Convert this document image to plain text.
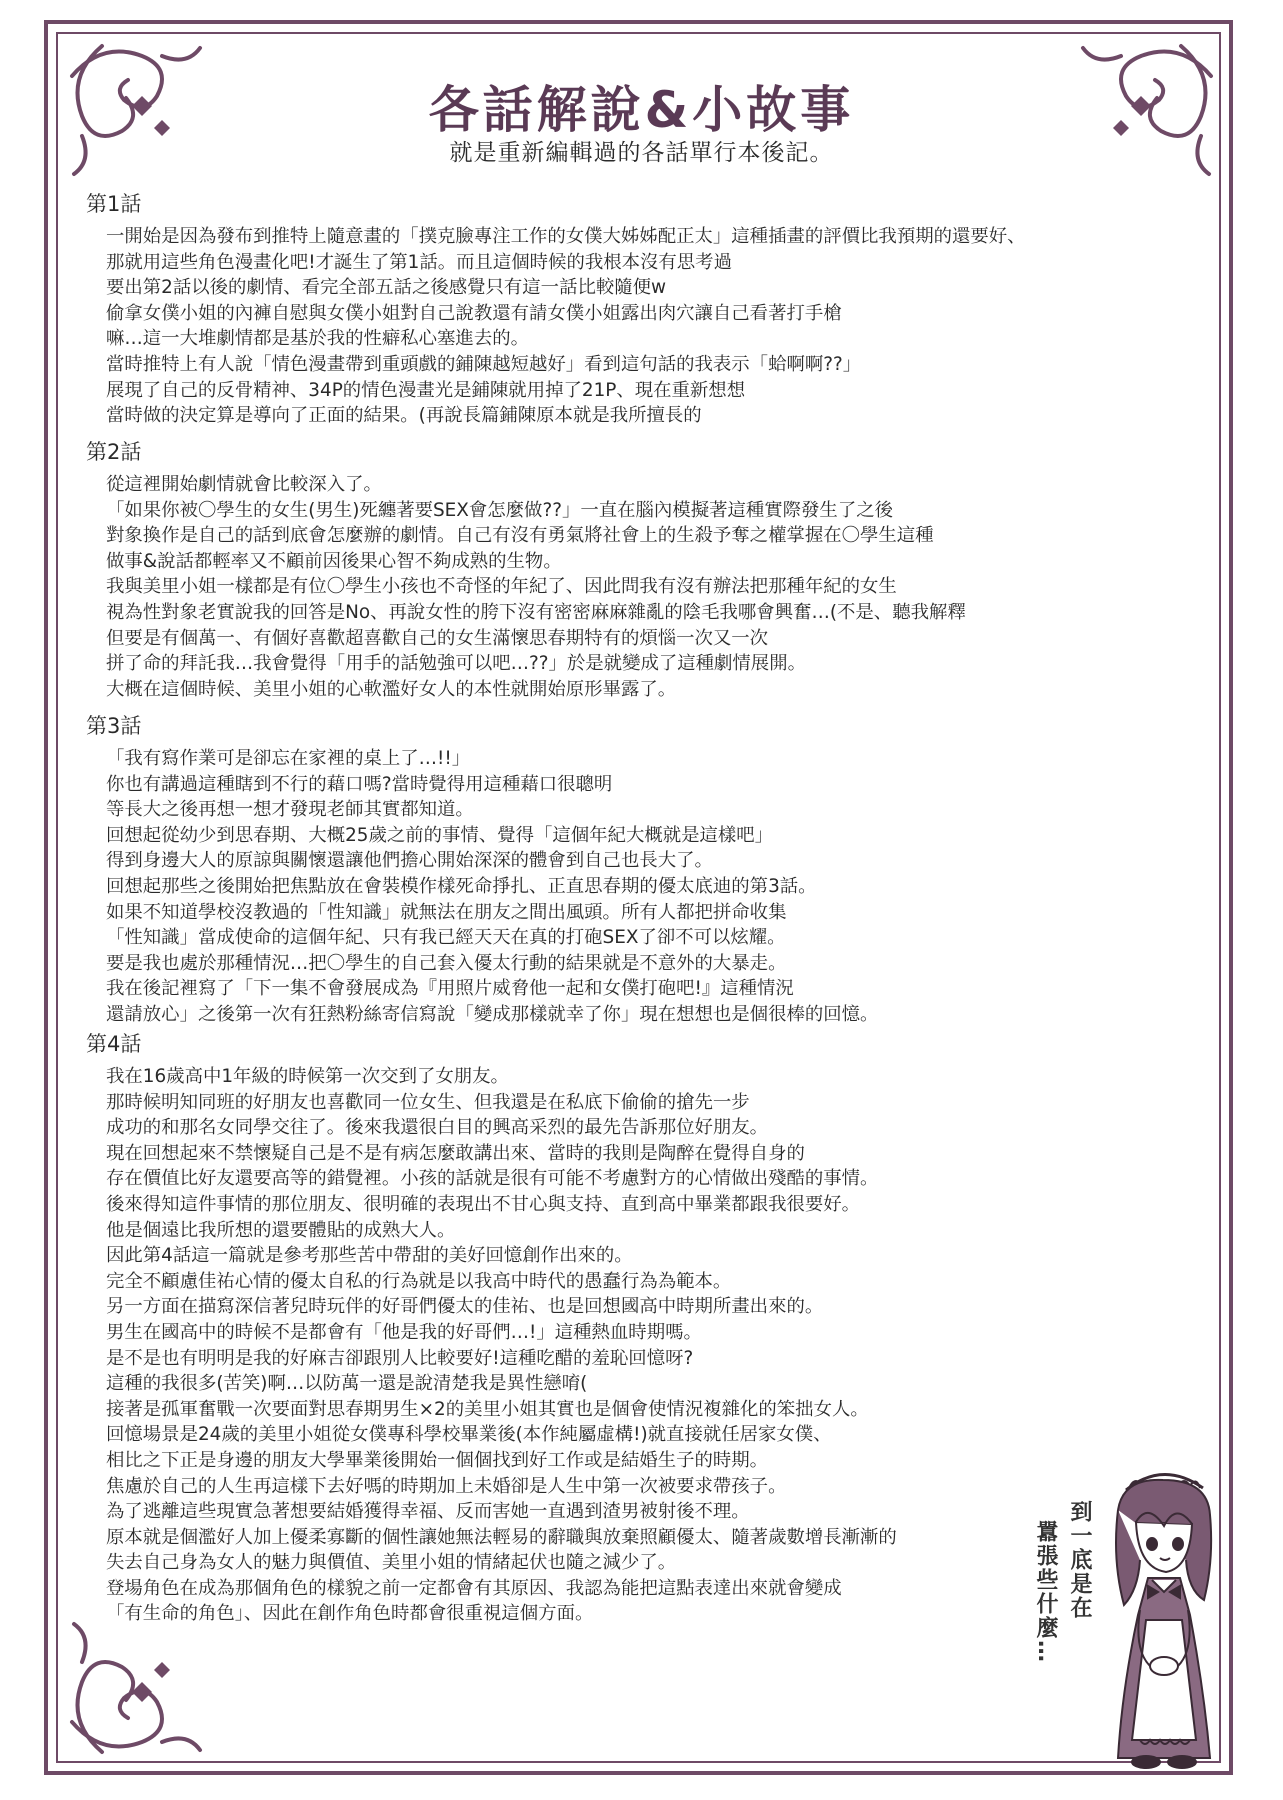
各話解說&小故事
就是重新編輯過的各話單行本後記。
第1話

一開始是因為發布到推特上隨意畫的「撲克臉專注工作的女僕大姊姊配正太」這種插畫的評價比我預期的還要好、

那就用這些角色漫畫化吧!才誕生了第1話。而且這個時候的我根本沒有思考過

要出第2話以後的劇情、看完全部五話之後感覺只有這一話比較隨便w

偷拿女僕小姐的內褲自慰與女僕小姐對自己說教還有請女僕小姐露出肉穴讓自己看著打手槍

嘛…這一大堆劇情都是基於我的性癖私心塞進去的。

當時推特上有人說「情色漫畫帶到重頭戲的鋪陳越短越好」看到這句話的我表示「蛤啊啊??」

展現了自己的反骨精神、34P的情色漫畫光是鋪陳就用掉了21P、現在重新想想

當時做的決定算是導向了正面的結果。(再說長篇鋪陳原本就是我所擅長的

第2話

從這裡開始劇情就會比較深入了。

「如果你被〇學生的女生(男生)死纏著要SEX會怎麼做??」一直在腦內模擬著這種實際發生了之後

對象換作是自己的話到底會怎麼辦的劇情。自己有沒有勇氣將社會上的生殺予奪之權掌握在〇學生這種

做事&說話都輕率又不顧前因後果心智不夠成熟的生物。

我與美里小姐一樣都是有位〇學生小孩也不奇怪的年紀了、因此問我有沒有辦法把那種年紀的女生

視為性對象老實說我的回答是No、再說女性的胯下沒有密密麻麻雜亂的陰毛我哪會興奮…(不是、聽我解釋

但要是有個萬一、有個好喜歡超喜歡自己的女生滿懷思春期特有的煩惱一次又一次

拼了命的拜託我…我會覺得「用手的話勉強可以吧…??」於是就變成了這種劇情展開。

大概在這個時候、美里小姐的心軟濫好女人的本性就開始原形畢露了。

第3話

「我有寫作業可是卻忘在家裡的桌上了…!!」

你也有講過這種瞎到不行的藉口嗎?當時覺得用這種藉口很聰明

等長大之後再想一想才發現老師其實都知道。

回想起從幼少到思春期、大概25歲之前的事情、覺得「這個年紀大概就是這樣吧」

得到身邊大人的原諒與關懷還讓他們擔心開始深深的體會到自己也長大了。

回想起那些之後開始把焦點放在會裝模作樣死命掙扎、正直思春期的優太底迪的第3話。

如果不知道學校沒教過的「性知識」就無法在朋友之間出風頭。所有人都把拼命收集

「性知識」當成使命的這個年紀、只有我已經天天在真的打砲SEX了卻不可以炫耀。

要是我也處於那種情況…把〇學生的自己套入優太行動的結果就是不意外的大暴走。

我在後記裡寫了「下一集不會發展成為『用照片威脅他一起和女僕打砲吧!』這種情況

還請放心」之後第一次有狂熱粉絲寄信寫說「變成那樣就幸了你」現在想想也是個很棒的回憶。

第4話

我在16歲高中1年級的時候第一次交到了女朋友。

那時候明知同班的好朋友也喜歡同一位女生、但我還是在私底下偷偷的搶先一步

成功的和那名女同學交往了。後來我還很白目的興高采烈的最先告訴那位好朋友。

現在回想起來不禁懷疑自己是不是有病怎麼敢講出來、當時的我則是陶醉在覺得自身的

存在價值比好友還要高等的錯覺裡。小孩的話就是很有可能不考慮對方的心情做出殘酷的事情。

後來得知這件事情的那位朋友、很明確的表現出不甘心與支持、直到高中畢業都跟我很要好。

他是個遠比我所想的還要體貼的成熟大人。

因此第4話這一篇就是參考那些苦中帶甜的美好回憶創作出來的。

完全不顧慮佳祐心情的優太自私的行為就是以我高中時代的愚蠢行為為範本。

另一方面在描寫深信著兒時玩伴的好哥們優太的佳祐、也是回想國高中時期所畫出來的。

男生在國高中的時候不是都會有「他是我的好哥們…!」這種熱血時期嗎。

是不是也有明明是我的好麻吉卻跟別人比較要好!這種吃醋的羞恥回憶呀?

這種的我很多(苦笑)啊…以防萬一還是說清楚我是異性戀唷(

接著是孤軍奮戰一次要面對思春期男生×2的美里小姐其實也是個會使情況複雜化的笨拙女人。

回憶場景是24歲的美里小姐從女僕專科學校畢業後(本作純屬虛構!)就直接就任居家女僕、

相比之下正是身邊的朋友大學畢業後開始一個個找到好工作或是結婚生子的時期。

焦慮於自己的人生再這樣下去好嗎的時期加上未婚卻是人生中第一次被要求帶孩子。

為了逃離這些現實急著想要結婚獲得幸福、反而害她一直遇到渣男被射後不理。

原本就是個濫好人加上優柔寡斷的個性讓她無法輕易的辭職與放棄照顧優太、隨著歲數增長漸漸的

失去自己身為女人的魅力與價值、美里小姐的情緒起伏也隨之減少了。

登場角色在成為那個角色的樣貌之前一定都會有其原因、我認為能把這點表達出來就會變成

「有生命的角色」、因此在創作角色時都會很重視這個方面。	到一底是在
囂張些什麼…
